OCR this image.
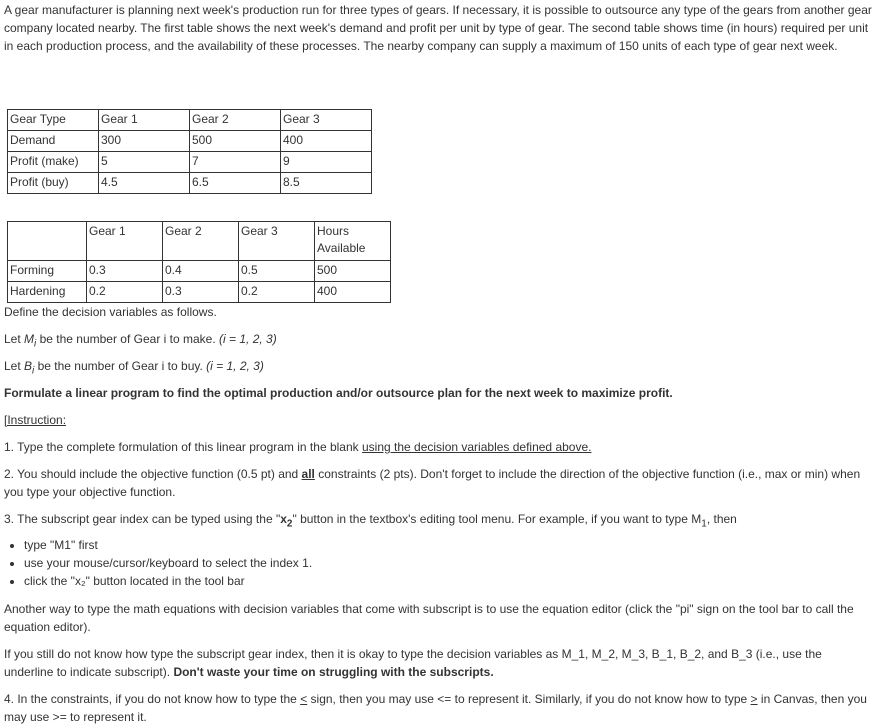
A gear manufacturer is planning next week's production run for three types of gears. If necessary, it is possible to outsource any type of the gears from another gear company located nearby. The first table shows the next week's demand and profit per unit by type of gear. The second table shows time (in hours) required per unit in each production process, and the availability of these processes. The nearby company can supply a maximum of 150 units of each type of gear next week.

Gear Type	Gear 1	Gear 2	Gear 3
Demand	300	500	400
Profit (make)	5	7	9
Profit (buy)	4.5	6.5	8.5
	Gear 1	Gear 2	Gear 3	Hours Available
Forming	0.3	0.4	0.5	500
Hardening	0.2	0.3	0.2	400

Define the decision variables as follows.

Let $M_i$ be the number of Gear i to make. (i = 1, 2, 3)

Let $B_i$ be the number of Gear i to buy. (i = 1, 2, 3)

Formulate a linear program to find the optimal production and/or outsource plan for the next week to maximize profit.

[Instruction:

1. Type the complete formulation of this linear program in the blank using the decision variables defined above.

2. You should include the objective function (0.5 pt) and all constraints (2 pts). Don't forget to include the direction of the objective function (i.e., max or min) when you type your objective function.

3. The subscript gear index can be typed using the "$x_2$" button in the textbox's editing tool menu. For example, if you want to type $M_1$, then

• type "M1" first
• use your mouse/cursor/keyboard to select the index 1.
• click the "x₂" button located in the tool bar

Another way to type the math equations with decision variables that come with subscript is to use the equation editor (click the "pi" sign on the tool bar to call the equation editor).

If you still do not know how type the subscript gear index, then it is okay to type the decision variables as M_1, M_2, M_3, B_1, B_2, and B_3 (i.e., use the underline to indicate subscript). Don't waste your time on struggling with the subscripts.

4. In the constraints, if you do not know how to type the < sign, then you may use <= to represent it. Similarly, if you do not know how to type > in Canvas, then you may use >= to represent it.
